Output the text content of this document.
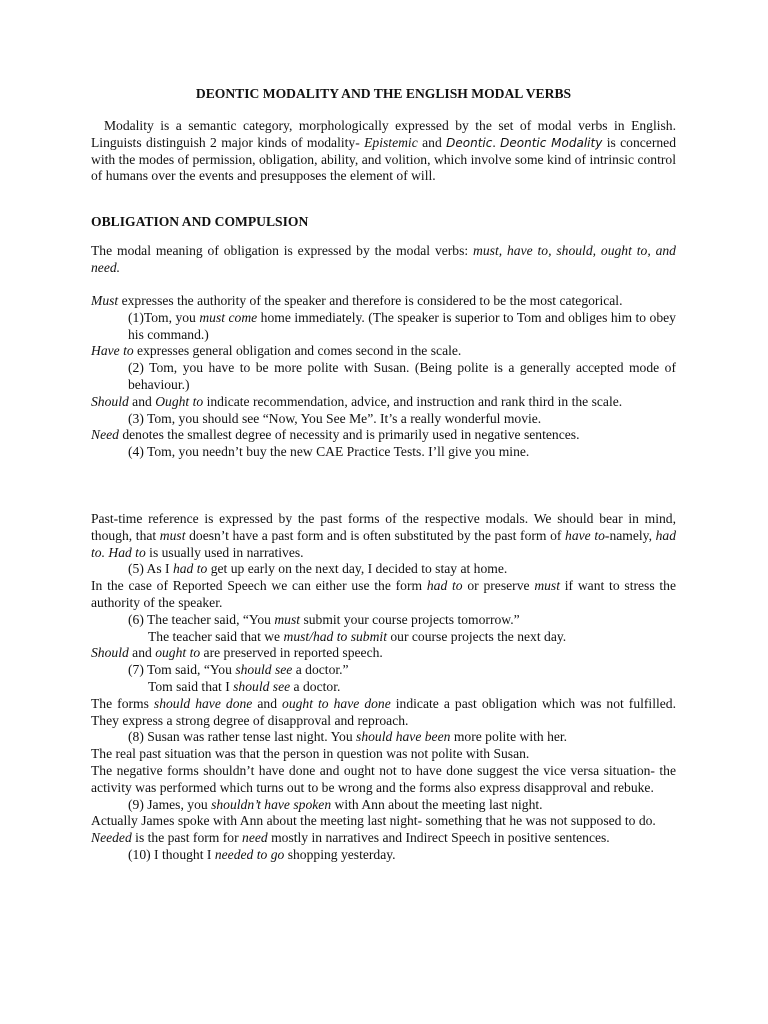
DEONTIC MODALITY AND THE ENGLISH MODAL VERBS

Modality is a semantic category, morphologically expressed by the set of modal verbs in English. Linguists distinguish 2 major kinds of modality- Epistemic and Deontic. Deontic Modality is concerned with the modes of permission, obligation, ability, and volition, which involve some kind of intrinsic control of humans over the events and presupposes the element of will.

OBLIGATION AND COMPULSION

The modal meaning of obligation is expressed by the modal verbs: must, have to, should, ought to, and need.

Must expresses the authority of the speaker and therefore is considered to be the most categorical.

(1)Tom, you must come home immediately. (The speaker is superior to Tom and obliges him to obey his command.)

Have to expresses general obligation and comes second in the scale.

(2) Tom, you have to be more polite with Susan. (Being polite is a generally accepted mode of behaviour.)

Should and Ought to indicate recommendation, advice, and instruction and rank third in the scale.

(3) Tom, you should see “Now, You See Me”. It’s a really wonderful movie.

Need denotes the smallest degree of necessity and is primarily used in negative sentences.

(4) Tom, you needn’t buy the new CAE Practice Tests. I’ll give you mine.

Past-time reference is expressed by the past forms of the respective modals. We should bear in mind, though, that must doesn’t have a past form and is often substituted by the past form of have to-namely, had to. Had to is usually used in narratives.

(5) As I had to get up early on the next day, I decided to stay at home.

In the case of Reported Speech we can either use the form had to or preserve must if want to stress the authority of the speaker.

(6) The teacher said, “You must submit your course projects tomorrow.”

The teacher said that we must/had to submit our course projects the next day.

Should and ought to are preserved in reported speech.

(7) Tom said, “You should see a doctor.”

Tom said that I should see a doctor.

The forms should have done and ought to have done indicate a past obligation which was not fulfilled. They express a strong degree of disapproval and reproach.

(8) Susan was rather tense last night. You should have been more polite with her.

The real past situation was that the person in question was not polite with Susan.

The negative forms shouldn’t have done and ought not to have done suggest the vice versa situation- the activity was performed which turns out to be wrong and the forms also express disapproval and rebuke.

(9) James, you shouldn’t have spoken with Ann about the meeting last night.

Actually James spoke with Ann about the meeting last night- something that he was not supposed to do.

Needed is the past form for need mostly in narratives and Indirect Speech in positive sentences.

(10) I thought I needed to go shopping yesterday.
